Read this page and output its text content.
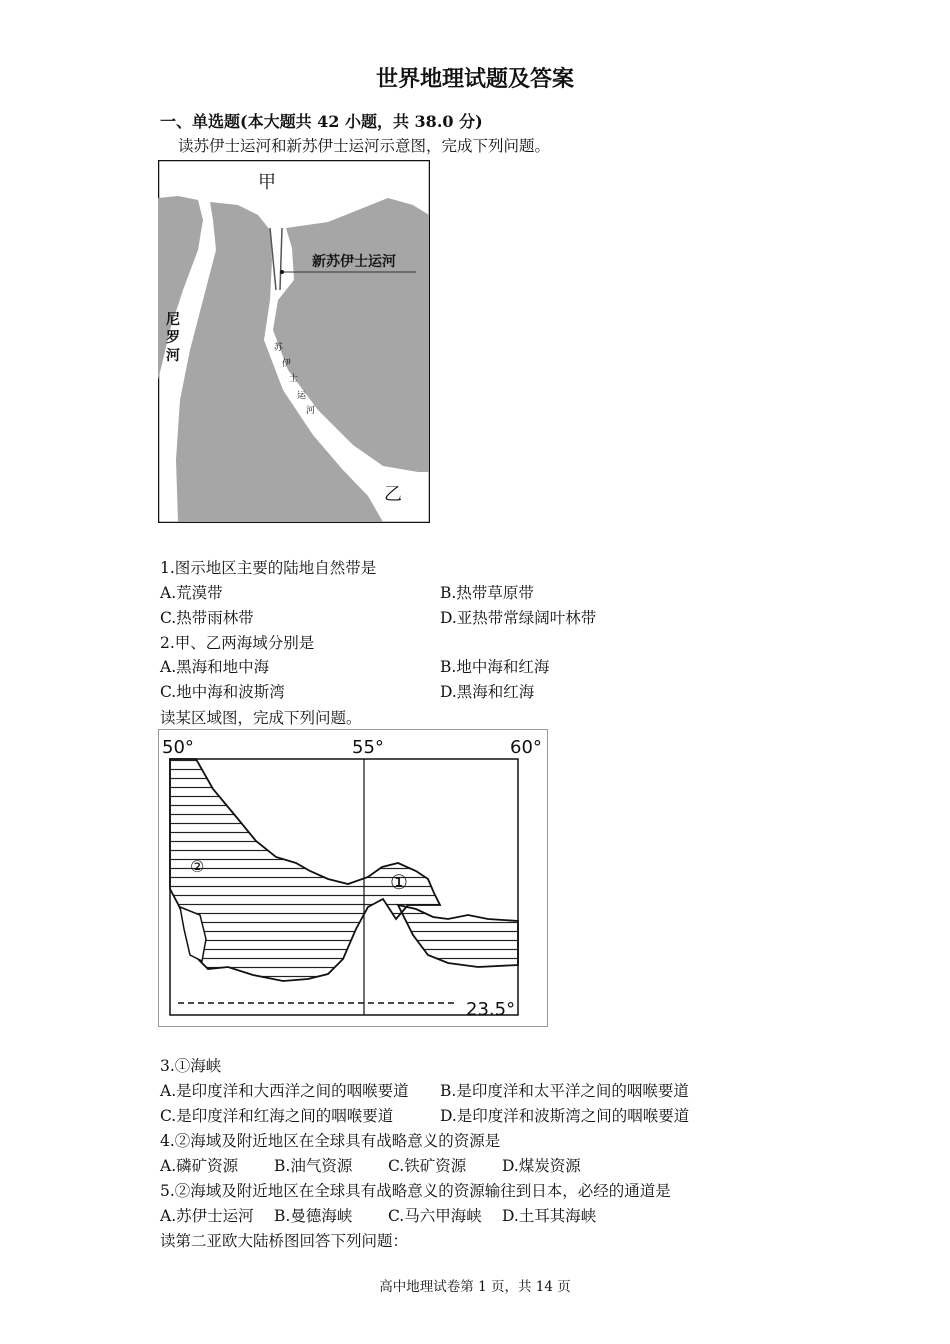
世界地理试题及答案
一、单选题(本大题共 42 小题，共 38.0 分)
读苏伊士运河和新苏伊士运河示意图，完成下列问题。
甲
新苏伊士运河
尼
罗
河	苏
伊
士
运
河
乙
1.图示地区主要的陆地自然带是
A.荒漠带	B.热带草原带
C.热带雨林带	D.亚热带常绿阔叶林带
2.甲、乙两海域分别是
A.黑海和地中海	B.地中海和红海
C.地中海和波斯湾	D.黑海和红海
读某区域图，完成下列问题。
50°	55°	60°
②
①
23.5°
3.①海峡
A.是印度洋和大西洋之间的咽喉要道 B.是印度洋和太平洋之间的咽喉要道
C.是印度洋和红海之间的咽喉要道	D.是印度洋和波斯湾之间的咽喉要道
4.②海域及附近地区在全球具有战略意义的资源是
A.磷矿资源 B.油气资源 C.铁矿资源 D.煤炭资源
5.②海域及附近地区在全球具有战略意义的资源输往到日本，必经的通道是
A.苏伊士运河 B.曼德海峡 C.马六甲海峡 D.土耳其海峡
读第二亚欧大陆桥图回答下列问题：
高中地理试卷第 1 页，共 14 页
